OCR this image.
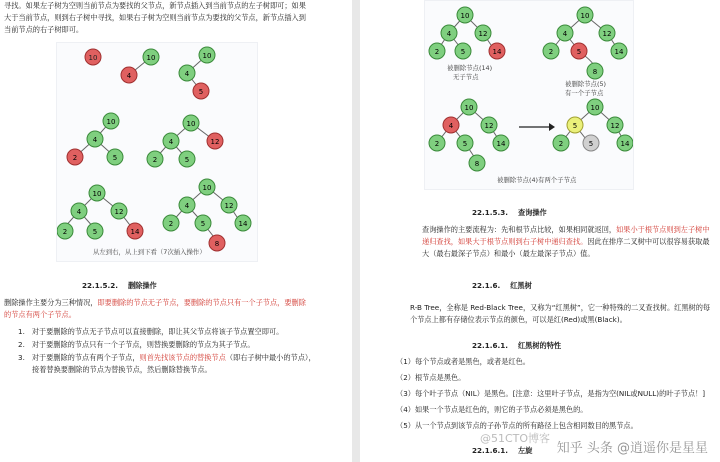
寻找。如果左子树为空则当前节点为要找的父节点，新节点插入到当前节点的左子树即可；如果
大于当前节点，则到右子树中寻找，如果右子树为空则当前节点为要找的父节点，新节点插入到
当前节点的右子树即可。
10	10
4
10
4
5
10
4
2	5
10
4	12
2	5
10
4	12
2	5	14
10
4	12
2	5	14
8
从左到右，从上到下看（7次插入操作）
22.1.5.2. 删除操作
删除操作主要分为三种情况，即要删除的节点无子节点，要删除的节点只有一个子节点，要删除
的节点有两个子节点。
1. 对于要删除的节点无子节点可以直接删除，即让其父节点将该子节点置空即可。
2. 对于要删除的节点只有一个子节点，则替换要删除的节点为其子节点。
3. 对于要删除的节点有两个子节点，则首先找该节点的替换节点（即右子树中最小的节点），
接着替换要删除的节点为替换节点，然后删除替换节点。
10
4	12
2	5	14
10
4	12
2	5	14
8
10
4	12
2	5	14
8
10
5	12
2	5	14
被删除节点(14)
无子节点
被删除节点(5)
有一个子节点
被删除节点(4)有两个子节点
22.1.5.3. 查询操作
查询操作的主要流程为：先和根节点比较，如果相同就返回，如果小于根节点则到左子树中
递归查找，如果大于根节点则到右子树中递归查找。因此在排序二叉树中可以很容易获取最
大（最右最深子节点）和最小（最左最深子节点）值。
22.1.6. 红黑树
R-B Tree，全称是 Red-Black Tree，又称为“红黑树”，它一种特殊的二叉查找树。红黑树的每
个节点上都有存储位表示节点的颜色，可以是红(Red)或黑(Black)。
22.1.6.1. 红黑树的特性
（1）每个节点或者是黑色，或者是红色。
（2）根节点是黑色。
（3）每个叶子节点（NIL）是黑色。[注意：这里叶子节点，是指为空(NIL或NULL)的叶子节点！]
（4）如果一个节点是红色的，则它的子节点必须是黑色的。
（5）从一个节点到该节点的子孙节点的所有路径上包含相同数目的黑节点。
22.1.6.1. 左旋 知乎 头条 @逍遥你是星星
@51CTO博客
